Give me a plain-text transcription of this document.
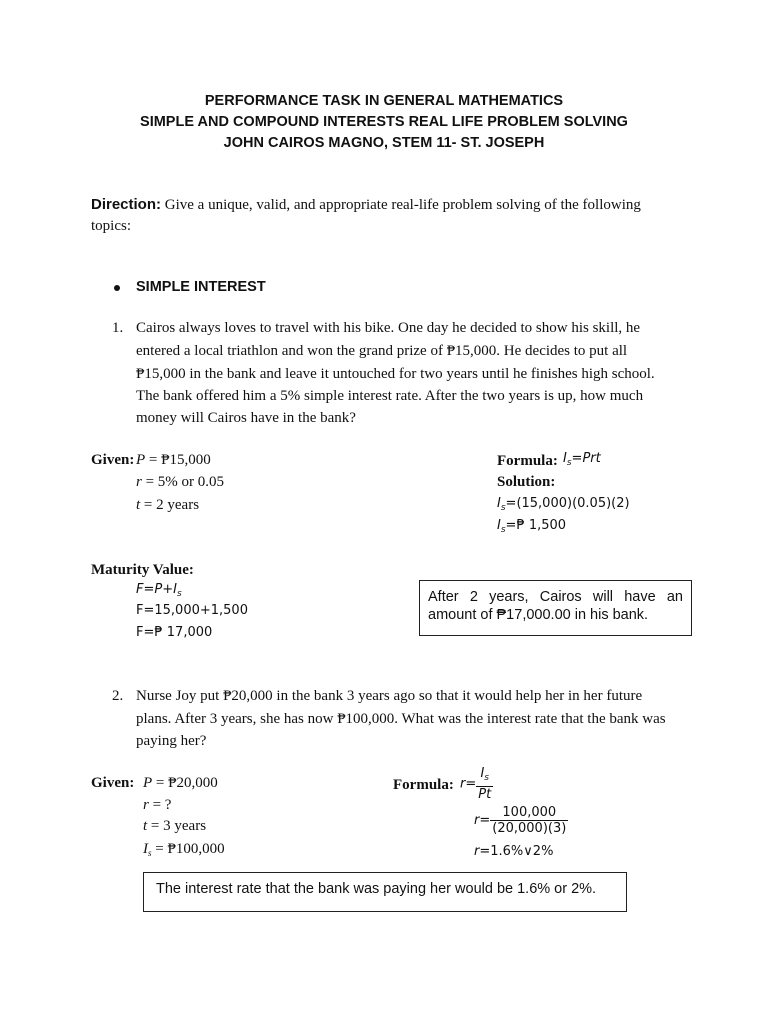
PERFORMANCE TASK IN GENERAL MATHEMATICS
SIMPLE AND COMPOUND INTERESTS REAL LIFE PROBLEM SOLVING
JOHN CAIROS MAGNO, STEM 11- ST. JOSEPH
Direction: Give a unique, valid, and appropriate real-life problem solving of the following
topics:
SIMPLE INTEREST
1. Cairos always loves to travel with his bike. One day he decided to show his skill, he
entered a local triathlon and won the grand prize of ₱15,000. He decides to put all
₱15,000 in the bank and leave it untouched for two years until he finishes high school.
The bank offered him a 5% simple interest rate. After the two years is up, how much
money will Cairos have in the bank?
Given: P = ₱15,000
r = 5% or 0.05
t = 2 years
Formula: $I_s=Prt$
Solution:
$I_s=(15,000)(0.05)(2)$
$I_s=₱$ 1,500
Maturity Value:
$F=P+I_s$
F=15,000+1,500
F=₱ 17,000
After 2 years, Cairos will have an
amount of ₱17,000.00 in his bank.
2. Nurse Joy put ₱20,000 in the bank 3 years ago so that it would help her in her future
plans. After 3 years, she has now ₱100,000. What was the interest rate that the bank was
paying her?
Given: P = ₱20,000
r = ?
t = 3 years
$I_s$ = ₱100,000
Formula: $r= \frac{I_s}{Pt}$
$r= \frac{100,000}{(20,000)(3)}$
r=1.6%∨2%
The interest rate that the bank was paying her would be 1.6% or 2%.
